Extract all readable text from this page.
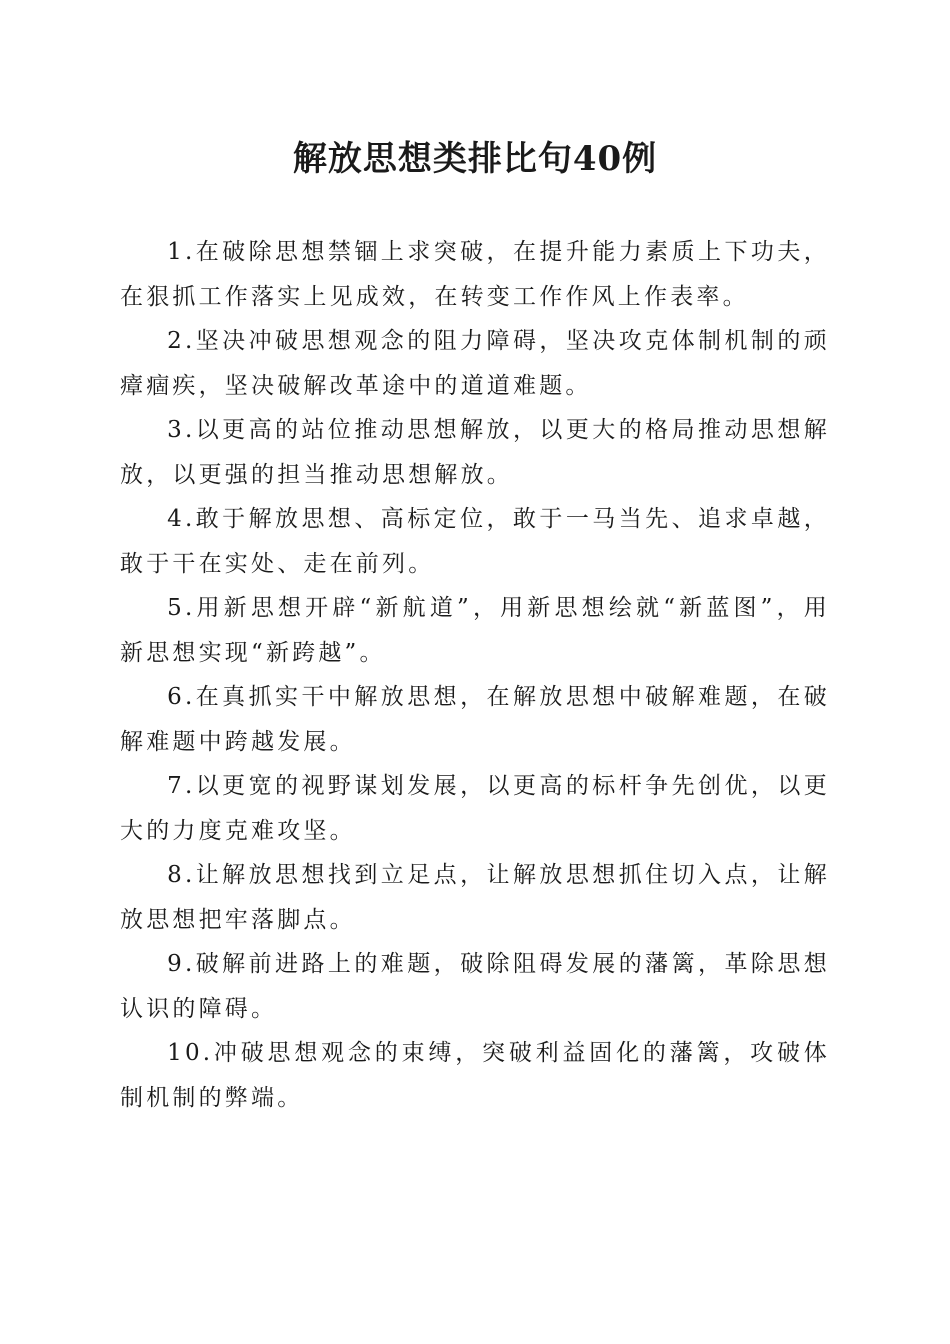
解放思想类排比句40例

1.在破除思想禁锢上求突破，在提升能力素质上下功夫，在狠抓工作落实上见成效，在转变工作作风上作表率。

2.坚决冲破思想观念的阻力障碍，坚决攻克体制机制的顽瘴痼疾，坚决破解改革途中的道道难题。

3.以更高的站位推动思想解放，以更大的格局推动思想解放，以更强的担当推动思想解放。

4.敢于解放思想、高标定位，敢于一马当先、追求卓越，敢于干在实处、走在前列。

5.用新思想开辟“新航道”，用新思想绘就“新蓝图”，用新思想实现“新跨越”。

6.在真抓实干中解放思想，在解放思想中破解难题，在破解难题中跨越发展。

7.以更宽的视野谋划发展，以更高的标杆争先创优，以更大的力度克难攻坚。

8.让解放思想找到立足点，让解放思想抓住切入点，让解放思想把牢落脚点。

9.破解前进路上的难题，破除阻碍发展的藩篱，革除思想认识的障碍。

10.冲破思想观念的束缚，突破利益固化的藩篱，攻破体制机制的弊端。
